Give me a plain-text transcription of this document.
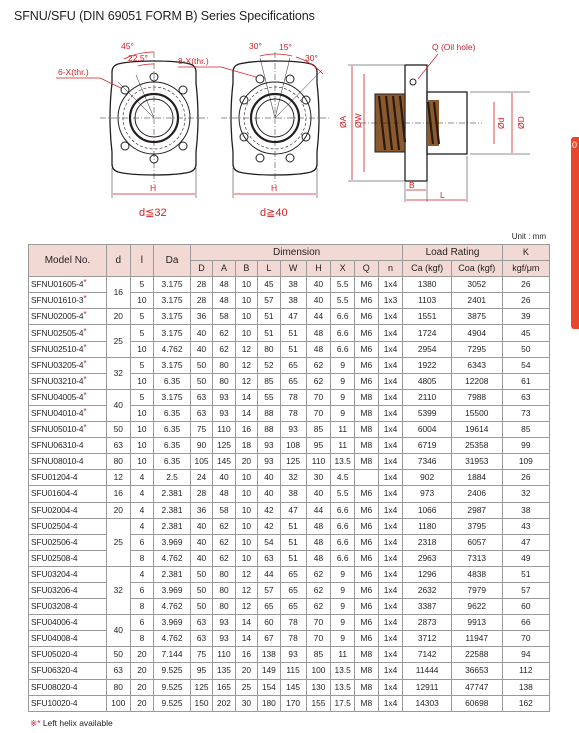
SFNU/SFU (DIN 69051 FORM B) Series Specifications
45°
22.5°
6-X(thr.)
H
d≦32
30° 15°
30°
8-X(thr.)
H
d≧40
Q (Oil hole)
ØA ØW	Ød ØD
B
L
Unit : mm
0
Model No.	d	l	Da	Dimension									Load Rating		K
				D	A	B	L	W	H	X	Q	n	Ca (kgf)	Coa (kgf)	kgf/μm
SFNU01605-4*	16	5	3.175	28	48	10	45	38	40	5.5	M6	1x4	1380	3052	26
SFNU01610-3*		10	3.175	28	48	10	57	38	40	5.5	M6	1x3	1103	2401	26
SFNU02005-4*	20	5	3.175	36	58	10	51	47	44	6.6	M6	1x4	1551	3875	39
SFNU02505-4*	25	5	3.175	40	62	10	51	51	48	6.6	M6	1x4	1724	4904	45
SFNU02510-4*		10	4.762	40	62	12	80	51	48	6.6	M6	1x4	2954	7295	50
SFNU03205-4*	32	5	3.175	50	80	12	52	65	62	9	M6	1x4	1922	6343	54
SFNU03210-4*		10	6.35	50	80	12	85	65	62	9	M6	1x4	4805	12208	61
SFNU04005-4*	40	5	3.175	63	93	14	55	78	70	9	M8	1x4	2110	7988	63
SFNU04010-4*		10	6.35	63	93	14	88	78	70	9	M8	1x4	5399	15500	73
SFNU05010-4*	50	10	6.35	75	110	16	88	93	85	11	M8	1x4	6004	19614	85
SFNU06310-4	63	10	6.35	90	125	18	93	108	95	11	M8	1x4	6719	25358	99
SFNU08010-4	80	10	6.35	105	145	20	93	125	110	13.5	M8	1x4	7346	31953	109
SFU01204-4	12	4	2.5	24	40	10	40	32	30	4.5		1x4	902	1884	26
SFU01604-4	16	4	2.381	28	48	10	40	38	40	5.5	M6	1x4	973	2406	32
SFU02004-4	20	4	2.381	36	58	10	42	47	44	6.6	M6	1x4	1066	2987	38
SFU02504-4	25	4	2.381	40	62	10	42	51	48	6.6	M6	1x4	1180	3795	43
SFU02506-4		6	3.969	40	62	10	54	51	48	6.6	M6	1x4	2318	6057	47
SFU02508-4		8	4.762	40	62	10	63	51	48	6.6	M6	1x4	2963	7313	49
SFU03204-4	32	4	2.381	50	80	12	44	65	62	9	M6	1x4	1296	4838	51
SFU03206-4		6	3.969	50	80	12	57	65	62	9	M6	1x4	2632	7979	57
SFU03208-4		8	4.762	50	80	12	65	65	62	9	M6	1x4	3387	9622	60
SFU04006-4	40	6	3.969	63	93	14	60	78	70	9	M6	1x4	2873	9913	66
SFU04008-4		8	4.762	63	93	14	67	78	70	9	M6	1x4	3712	11947	70
SFU05020-4	50	20	7.144	75	110	16	138	93	85	11	M8	1x4	7142	22588	94
SFU06320-4	63	20	9.525	95	135	20	149	115	100	13.5	M8	1x4	11444	36653	112
SFU08020-4	80	20	9.525	125	165	25	154	145	130	13.5	M8	1x4	12911	47747	138
SFU10020-4	100	20	9.525	150	202	30	180	170	155	17.5	M8	1x4	14303	60698	162
※* Left helix available
